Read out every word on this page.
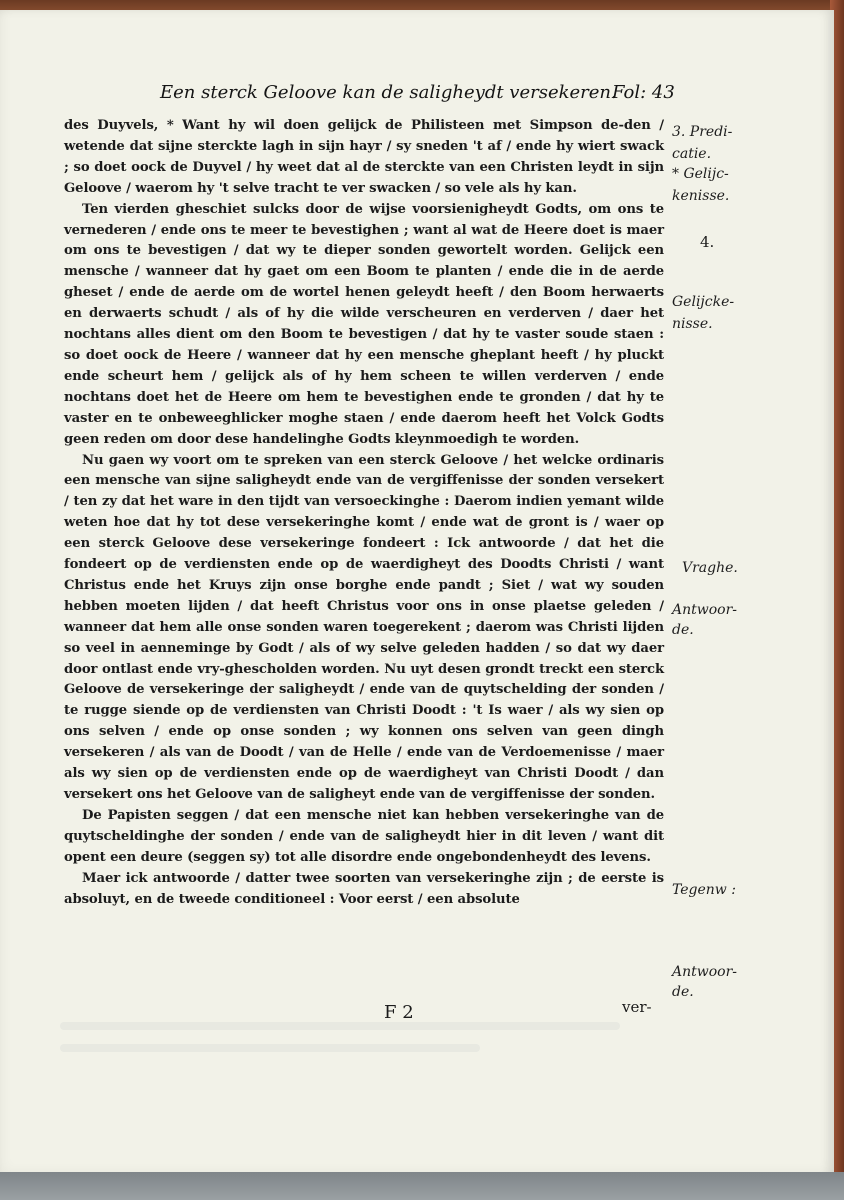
Een sterck Geloove kan de saligheydt versekeren.
Fol: 43

des Duyvels, * Want hy wil doen gelijck de Philisteen met Simpson de-den / wetende dat sijne sterckte lagh in sijn hayr / sy sneden 't af / ende hy wiert swack ; so doet oock de Duyvel / hy weet dat al de sterckte van een Christen leydt in sijn Geloove / waerom hy 't selve tracht te ver swacken / so vele als hy kan.

Ten vierden gheschiet sulcks door de wijse voorsienigheydt Godts, om ons te vernederen / ende ons te meer te bevestighen ; want al wat de Heere doet is maer om ons te bevestigen / dat wy te dieper sonden gewortelt worden. Gelijck een mensche / wanneer dat hy gaet om een Boom te planten / ende die in de aerde gheset / ende de aerde om de wortel henen geleydt heeft / den Boom herwaerts en derwaerts schudt / als of hy die wilde verscheuren en verderven / daer het nochtans alles dient om den Boom te bevestigen / dat hy te vaster soude staen : so doet oock de Heere / wanneer dat hy een mensche gheplant heeft / hy pluckt ende scheurt hem / gelijck als of hy hem scheen te willen verderven / ende nochtans doet het de Heere om hem te bevestighen ende te gronden / dat hy te vaster en te onbeweeghlicker moghe staen / ende daerom heeft het Volck Godts geen reden om door dese handelinghe Godts kleynmoedigh te worden.

Nu gaen wy voort om te spreken van een sterck Geloove / het welcke ordinaris een mensche van sijne saligheydt ende van de vergiffenisse der sonden versekert / ten zy dat het ware in den tijdt van versoeckinghe : Daerom indien yemant wilde weten hoe dat hy tot dese versekeringhe komt / ende wat de gront is / waer op een sterck Geloove dese versekeringe fondeert : Ick antwoorde / dat het die fondeert op de verdiensten ende op de waerdigheyt des Doodts Christi / want Christus ende het Kruys zijn onse borghe ende pandt ; Siet / wat wy souden hebben moeten lijden / dat heeft Christus voor ons in onse plaetse geleden / wanneer dat hem alle onse sonden waren toegerekent ; daerom was Christi lijden so veel in aenneminge by Godt / als of wy selve geleden hadden / so dat wy daer door ontlast ende vry-ghescholden worden. Nu uyt desen grondt treckt een sterck Geloove de versekeringe der saligheydt / ende van de quytschelding der sonden / te rugge siende op de verdiensten van Christi Doodt : 't Is waer / als wy sien op ons selven / ende op onse sonden ; wy konnen ons selven van geen dingh versekeren / als van de Doodt / van de Helle / ende van de Verdoemenisse / maer als wy sien op de verdiensten ende op de waerdigheyt van Christi Doodt / dan versekert ons het Geloove van de saligheyt ende van de vergiffenisse der sonden.

De Papisten seggen / dat een mensche niet kan hebben versekeringhe van de quytscheldinghe der sonden / ende van de saligheydt hier in dit leven / want dit opent een deure (seggen sy) tot alle disordre ende ongebondenheydt des levens.

Maer ick antwoorde / datter twee soorten van versekeringhe zijn ; de eerste is absoluyt, en de tweede conditioneel : Voor eerst / een absolute

3. Predi-
catie.
* Gelijc-
kenisse.
4.
Gelijcke-
nisse.
Vraghe.
Antwoor-
de.
Tegenw :
Antwoor-
de.
F 2	ver-
